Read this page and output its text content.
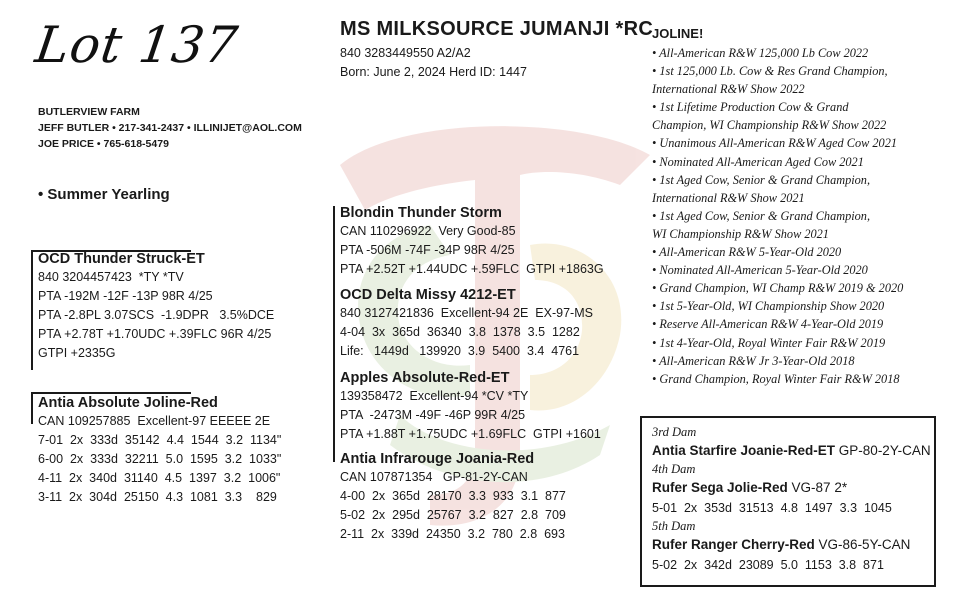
Lot 137
BUTLERVIEW FARM
JEFF BUTLER • 217-341-2437 • ILLINIJET@AOL.COM
JOE PRICE • 765-618-5479
• Summer Yearling
MS MILKSOURCE JUMANJI *RC
840 3283449550 A2/A2
Born: June 2, 2024 Herd ID: 1447
OCD Thunder Struck-ET
840 3204457423  *TY *TV
PTA -192M -12F -13P 98R 4/25
PTA -2.8PL 3.07SCS  -1.9DPR   3.5%DCE
PTA +2.78T +1.70UDC +.39FLC 96R 4/25
GTPI +2335G
Antia Absolute Joline-Red
CAN 109257885  Excellent-97 EEEEE 2E
7-01  2x  333d  35142  4.4  1544  3.2  1134"
6-00  2x  333d  32211  5.0  1595  3.2  1033"
4-11  2x  340d  31140  4.5  1397  3.2  1006"
3-11  2x  304d  25150  4.3  1081  3.3    829
Blondin Thunder Storm
CAN 110296922  Very Good-85
PTA -506M -74F -34P 98R 4/25
PTA +2.52T +1.44UDC +.59FLC  GTPI +1863G
OCD Delta Missy 4212-ET
840 3127421836  Excellent-94 2E  EX-97-MS
4-04  3x  365d  36340  3.8  1378  3.5  1282
Life:   1449d   139920  3.9  5400  3.4  4761
Apples Absolute-Red-ET
139358472  Excellent-94 *CV *TY
PTA  -2473M -49F -46P 99R 4/25
PTA +1.88T +1.75UDC +1.69FLC  GTPI +1601
Antia Infrarouge Joania-Red
CAN 107871354   GP-81-2Y-CAN
4-00  2x  365d  28170  3.3  933  3.1  877
5-02  2x  295d  25767  3.2  827  2.8  709
2-11  2x  339d  24350  3.2  780  2.8  693
JOLINE!
• All-American R&W 125,000 Lb Cow 2022
• 1st 125,000 Lb. Cow & Res Grand Champion,
International R&W Show 2022
• 1st Lifetime Production Cow & Grand
Champion, WI Championship R&W Show 2022
• Unanimous All-American R&W Aged Cow 2021
• Nominated All-American Aged Cow 2021
• 1st Aged Cow, Senior & Grand Champion,
International R&W Show 2021
• 1st Aged Cow, Senior & Grand Champion,
WI Championship R&W Show 2021
• All-American R&W 5-Year-Old 2020
• Nominated All-American 5-Year-Old 2020
• Grand Champion, WI Champ R&W 2019 & 2020
• 1st 5-Year-Old, WI Championship Show 2020
• Reserve All-American R&W 4-Year-Old 2019
• 1st 4-Year-Old, Royal Winter Fair R&W 2019
• All-American R&W Jr 3-Year-Old 2018
• Grand Champion, Royal Winter Fair R&W 2018
3rd Dam
Antia Starfire Joanie-Red-ET GP-80-2Y-CAN
4th Dam
Rufer Sega Jolie-Red VG-87 2*
5-01  2x  353d  31513  4.8  1497  3.3  1045
5th Dam
Rufer Ranger Cherry-Red VG-86-5Y-CAN
5-02  2x  342d  23089  5.0  1153  3.8  871
